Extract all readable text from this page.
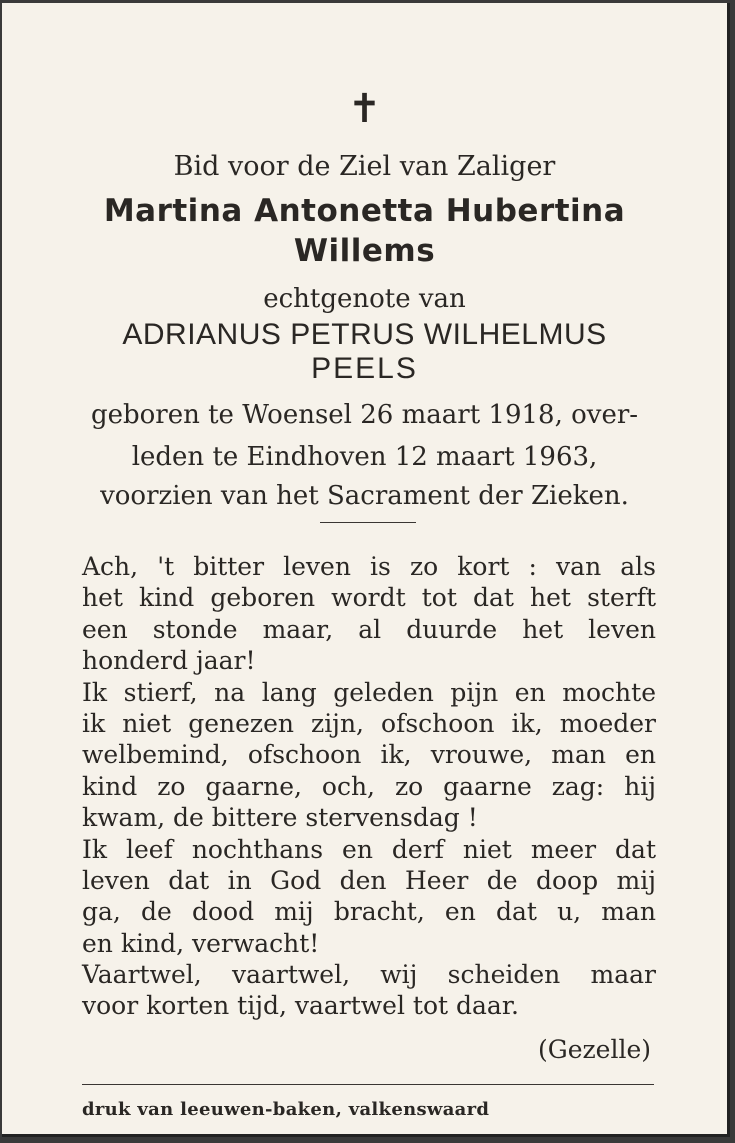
✝
Bid voor de Ziel van Zaliger
Martina Antonetta Hubertina
Willems
echtgenote van
ADRIANUS PETRUS WILHELMUS
PEELS
geboren te Woensel 26 maart 1918, over-
leden te Eindhoven 12 maart 1963,
voorzien van het Sacrament der Zieken.
Ach, 't bitter leven is zo kort : van als
het kind geboren wordt tot dat het sterft
een stonde maar, al duurde het leven
honderd jaar!
Ik stierf, na lang geleden pijn en mochte
ik niet genezen zijn, ofschoon ik, moeder
welbemind, ofschoon ik, vrouwe, man en
kind zo gaarne, och, zo gaarne zag: hij
kwam, de bittere stervensdag !
Ik leef nochthans en derf niet meer dat
leven dat in God den Heer de doop mij
ga, de dood mij bracht, en dat u, man
en kind, verwacht!
Vaartwel, vaartwel, wij scheiden maar
voor korten tijd, vaartwel tot daar.
(Gezelle)
druk van leeuwen-baken, valkenswaard
